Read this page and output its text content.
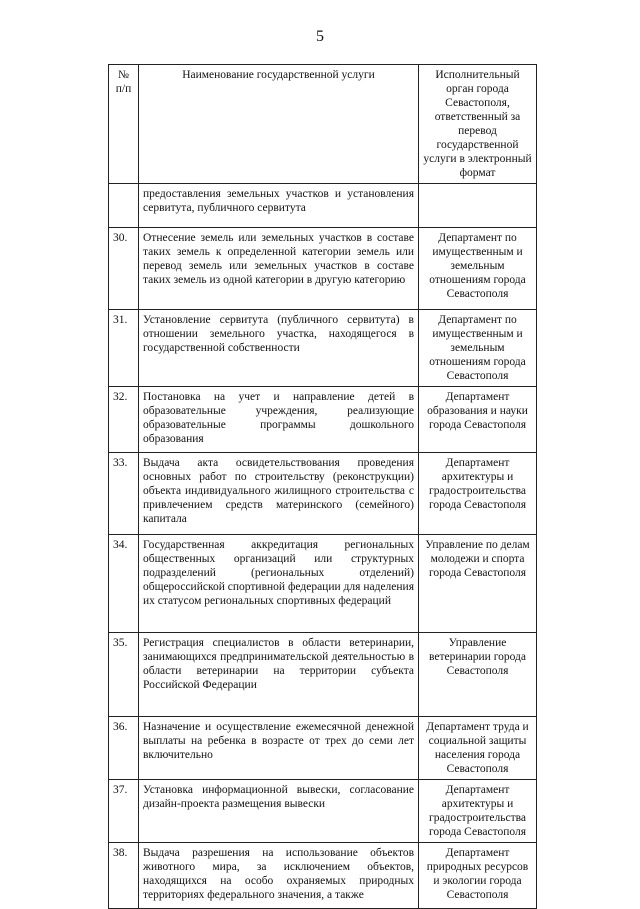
5
№ п/п	Наименование государственной услуги	Исполнительный орган города Севастополя, ответственный за перевод государственной услуги в электронный формат
	предоставления земельных участков и установления сервитута, публичного сервитута	
30.	Отнесение земель или земельных участков в составе таких земель к определенной категории земель или перевод земель или земельных участков в составе таких земель из одной категории в другую категорию	Департамент по имущественным и земельным отношениям города Севастополя
31.	Установление сервитута (публичного сервитута) в отношении земельного участка, находящегося в государственной собственности	Департамент по имущественным и земельным отношениям города Севастополя
32.	Постановка на учет и направление детей в образовательные учреждения, реализующие образовательные программы дошкольного образования	Департамент образования и науки города Севастополя
33.	Выдача акта освидетельствования проведения основных работ по строительству (реконструкции) объекта индивидуального жилищного строительства с привлечением средств материнского (семейного) капитала	Департамент архитектуры и градостроительства города Севастополя
34.	Государственная аккредитация региональных общественных организаций или структурных подразделений (региональных отделений) общероссийской спортивной федерации для наделения их статусом региональных спортивных федераций	Управление по делам молодежи и спорта города Севастополя
35.	Регистрация специалистов в области ветеринарии, занимающихся предпринимательской деятельностью в области ветеринарии на территории субъекта Российской Федерации	Управление ветеринарии города Севастополя
36.	Назначение и осуществление ежемесячной денежной выплаты на ребенка в возрасте от трех до семи лет включительно	Департамент труда и социальной защиты населения города Севастополя
37.	Установка информационной вывески, согласование дизайн-проекта размещения вывески	Департамент архитектуры и градостроительства города Севастополя
38.	Выдача разрешения на использование объектов животного мира, за исключением объектов, находящихся на особо охраняемых природных территориях федерального значения, а также	Департамент природных ресурсов и экологии города Севастополя
